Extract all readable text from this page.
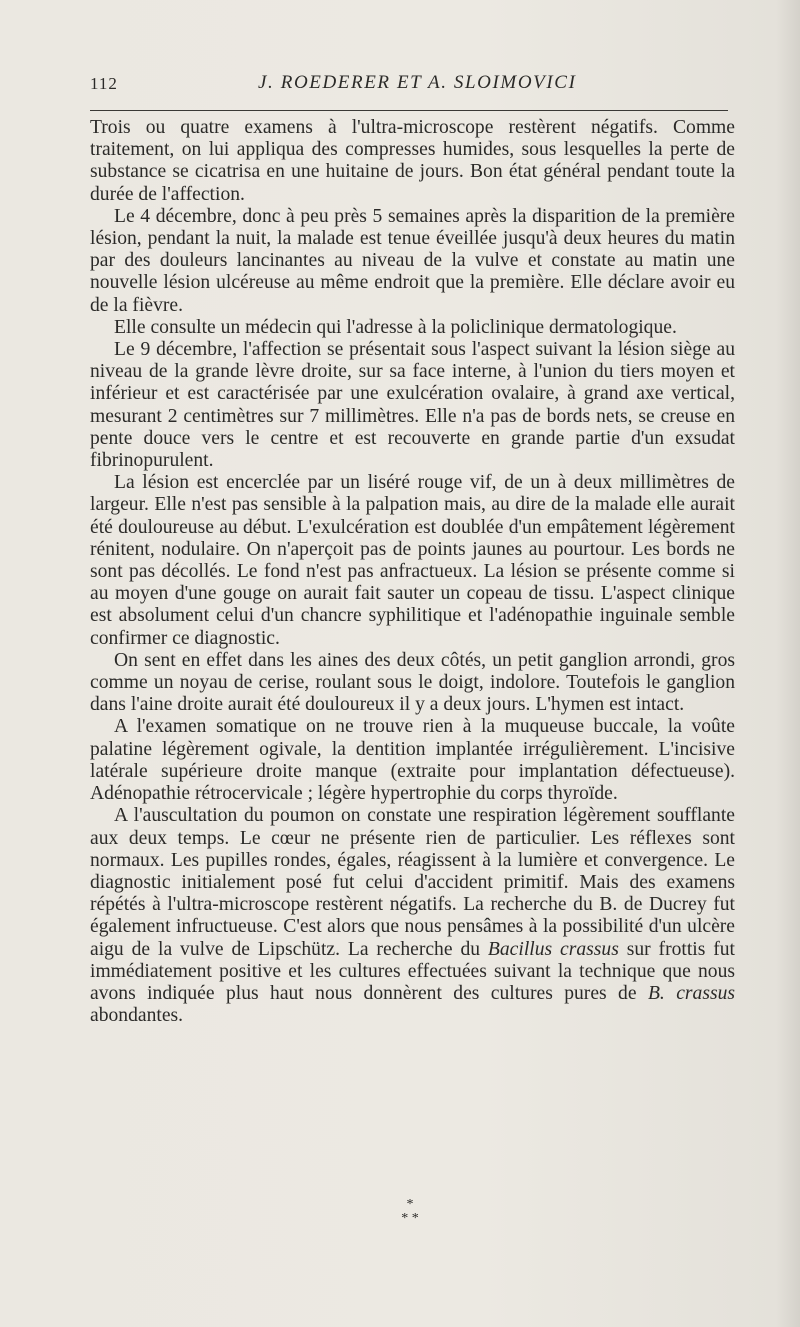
112	J. ROEDERER ET A. SLOIMOVICI

Trois ou quatre examens à l'ultra-microscope restèrent négatifs. Comme traitement, on lui appliqua des compresses humides, sous lesquelles la perte de substance se cicatrisa en une huitaine de jours. Bon état général pendant toute la durée de l'affection.

Le 4 décembre, donc à peu près 5 semaines après la disparition de la première lésion, pendant la nuit, la malade est tenue éveillée jusqu'à deux heures du matin par des douleurs lancinantes au niveau de la vulve et constate au matin une nouvelle lésion ulcéreuse au même endroit que la première. Elle déclare avoir eu de la fièvre.

Elle consulte un médecin qui l'adresse à la policlinique dermatologique.

Le 9 décembre, l'affection se présentait sous l'aspect suivant la lésion siège au niveau de la grande lèvre droite, sur sa face interne, à l'union du tiers moyen et inférieur et est caractérisée par une exulcération ovalaire, à grand axe vertical, mesurant 2 centimètres sur 7 millimètres. Elle n'a pas de bords nets, se creuse en pente douce vers le centre et est recouverte en grande partie d'un exsudat fibrinopurulent.

La lésion est encerclée par un liséré rouge vif, de un à deux millimètres de largeur. Elle n'est pas sensible à la palpation mais, au dire de la malade elle aurait été douloureuse au début. L'exulcération est doublée d'un empâtement légèrement rénitent, nodulaire. On n'aperçoit pas de points jaunes au pourtour. Les bords ne sont pas décollés. Le fond n'est pas anfractueux. La lésion se présente comme si au moyen d'une gouge on aurait fait sauter un copeau de tissu. L'aspect clinique est absolument celui d'un chancre syphilitique et l'adénopathie inguinale semble confirmer ce diagnostic.

On sent en effet dans les aines des deux côtés, un petit ganglion arrondi, gros comme un noyau de cerise, roulant sous le doigt, indolore. Toutefois le ganglion dans l'aine droite aurait été douloureux il y a deux jours. L'hymen est intact.

A l'examen somatique on ne trouve rien à la muqueuse buccale, la voûte palatine légèrement ogivale, la dentition implantée irrégulièrement. L'incisive latérale supérieure droite manque (extraite pour implantation défectueuse). Adénopathie rétrocervicale ; légère hypertrophie du corps thyroïde.

A l'auscultation du poumon on constate une respiration légèrement soufflante aux deux temps. Le cœur ne présente rien de particulier. Les réflexes sont normaux. Les pupilles rondes, égales, réagissent à la lumière et convergence. Le diagnostic initialement posé fut celui d'accident primitif. Mais des examens répétés à l'ultra-microscope restèrent négatifs. La recherche du B. de Ducrey fut également infructueuse. C'est alors que nous pensâmes à la possibilité d'un ulcère aigu de la vulve de Lipschütz. La recherche du Bacillus crassus sur frottis fut immédiatement positive et les cultures effectuées suivant la technique que nous avons indiquée plus haut nous donnèrent des cultures pures de B. crassus abondantes.

*
* *
